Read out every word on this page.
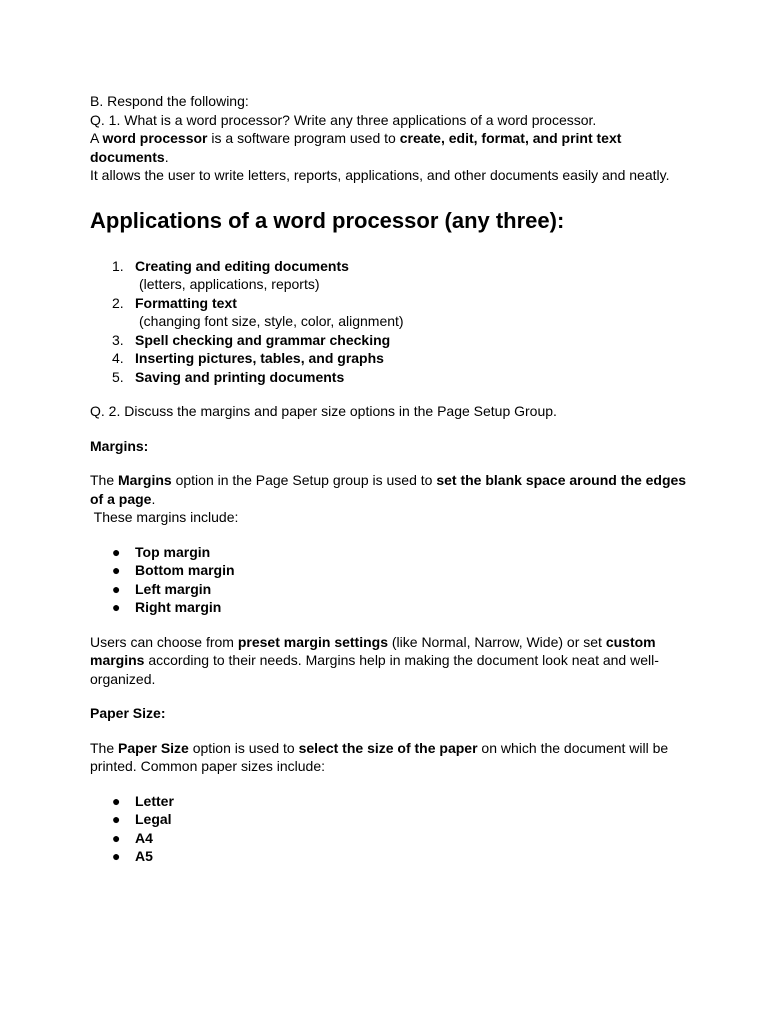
B. Respond the following:

Q. 1. What is a word processor? Write any three applications of a word processor.

A word processor is a software program used to create, edit, format, and print text documents.

It allows the user to write letters, reports, applications, and other documents easily and neatly.

Applications of a word processor (any three):
1. Creating and editing documents
(letters, applications, reports)
2. Formatting text
(changing font size, style, color, alignment)
3. Spell checking and grammar checking
4. Inserting pictures, tables, and graphs
5. Saving and printing documents

Q. 2. Discuss the margins and paper size options in the Page Setup Group.

Margins:

The Margins option in the Page Setup group is used to set the blank space around the edges of a page.

These margins include:

● Top margin
● Bottom margin
● Left margin
● Right margin

Users can choose from preset margin settings (like Normal, Narrow, Wide) or set custom margins according to their needs. Margins help in making the document look neat and well-organized.

Paper Size:

The Paper Size option is used to select the size of the paper on which the document will be printed. Common paper sizes include:

● Letter
● Legal
● A4
● A5
